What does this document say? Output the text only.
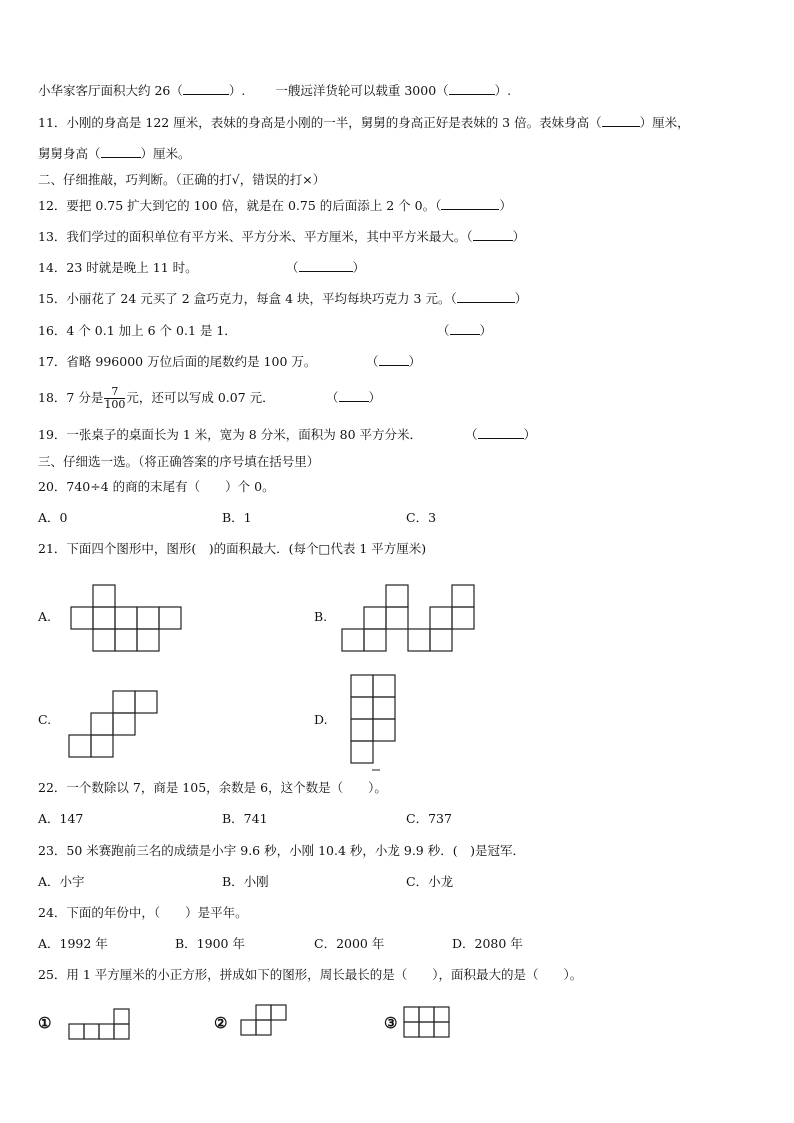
小华家客厅面积大约 26（	）. 一艘远洋货轮可以载重 3000（	）.
11．小刚的身高是 122 厘米，表妹的身高是小刚的一半，舅舅的身高正好是表妹的 3 倍。表妹身高（	）厘米，
舅舅身高（	）厘米。
二、仔细推敲，巧判断。（正确的打√，错误的打×）
12．要把 0.75 扩大到它的 100 倍，就是在 0.75 的后面添上 2 个 0。（	）
13．我们学过的面积单位有平方米、平方分米、平方厘米，其中平方米最大。（	）
14．23 时就是晚上 11 时。	（	）
15．小丽花了 24 元买了 2 盒巧克力，每盒 4 块，平均每块巧克力 3 元。（	）
16．4 个 0.1 加上 6 个 0.1 是 1．	（ ）
17．省略 996000 万位后面的尾数约是 100 万。	（ ）
18．7 分是 $\frac{7}{100}$ 元，还可以写成 0.07 元．	（ ）
19．一张桌子的桌面长为 1 米，宽为 8 分米，面积为 80 平方分米．	（	）
三、仔细选一选。（将正确答案的序号填在括号里）
20．740÷4 的商的末尾有（　　）个 0。
A．0	B．1	C．3
21．下面四个图形中，图形(　)的面积最大．(每个□代表 1 平方厘米)
A.	B.
C.	D.
22．一个数除以 7，商是 105，余数是 6，这个数是（　　）。
A．147	B．741	C．737
23．50 米赛跑前三名的成绩是小宇 9.6 秒，小刚 10.4 秒，小龙 9.9 秒．(　)是冠军．
A．小宇	B．小刚	C．小龙
24．下面的年份中，（　　）是平年。
A．1992 年	B．1900 年	C．2000 年	D．2080 年
25．用 1 平方厘米的小正方形，拼成如下的图形，周长最长的是（　　），面积最大的是（　　）。
①	②	③
